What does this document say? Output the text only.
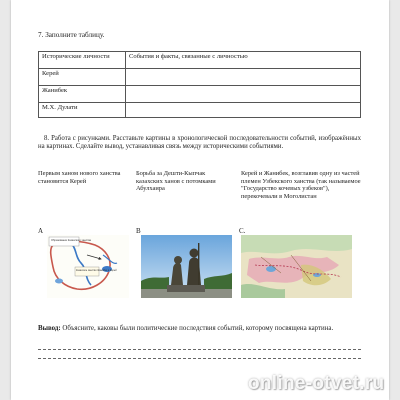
7. Заполните таблицу.
Исторические личности	События и факты, связанные с личностью
Керей	
Жанибек	
М.Х. Дулати	
8. Работа с рисунками. Расставьте картины в хронологической последовательности событий, изображённых на картинах. Сделайте вывод, устанавливая связь между историческими событиями.
Первым ханом нового ханства становится Керей
Борьба за Дешти-Кыпчак казахских ханов с потомками Абулхаира
Керей и Жанибек, возглавив одну из частей племен Узбекского ханства (так называемое "Государство кочевых узбеков"), перекочевали в Моголистан
A	B	C.
Образование Казахского ханства
Казахское ханство Жанибек и Керей
Вывод: Объясните, каковы были политические последствия событий, которому посвящена картина.
online-otvet.ru
